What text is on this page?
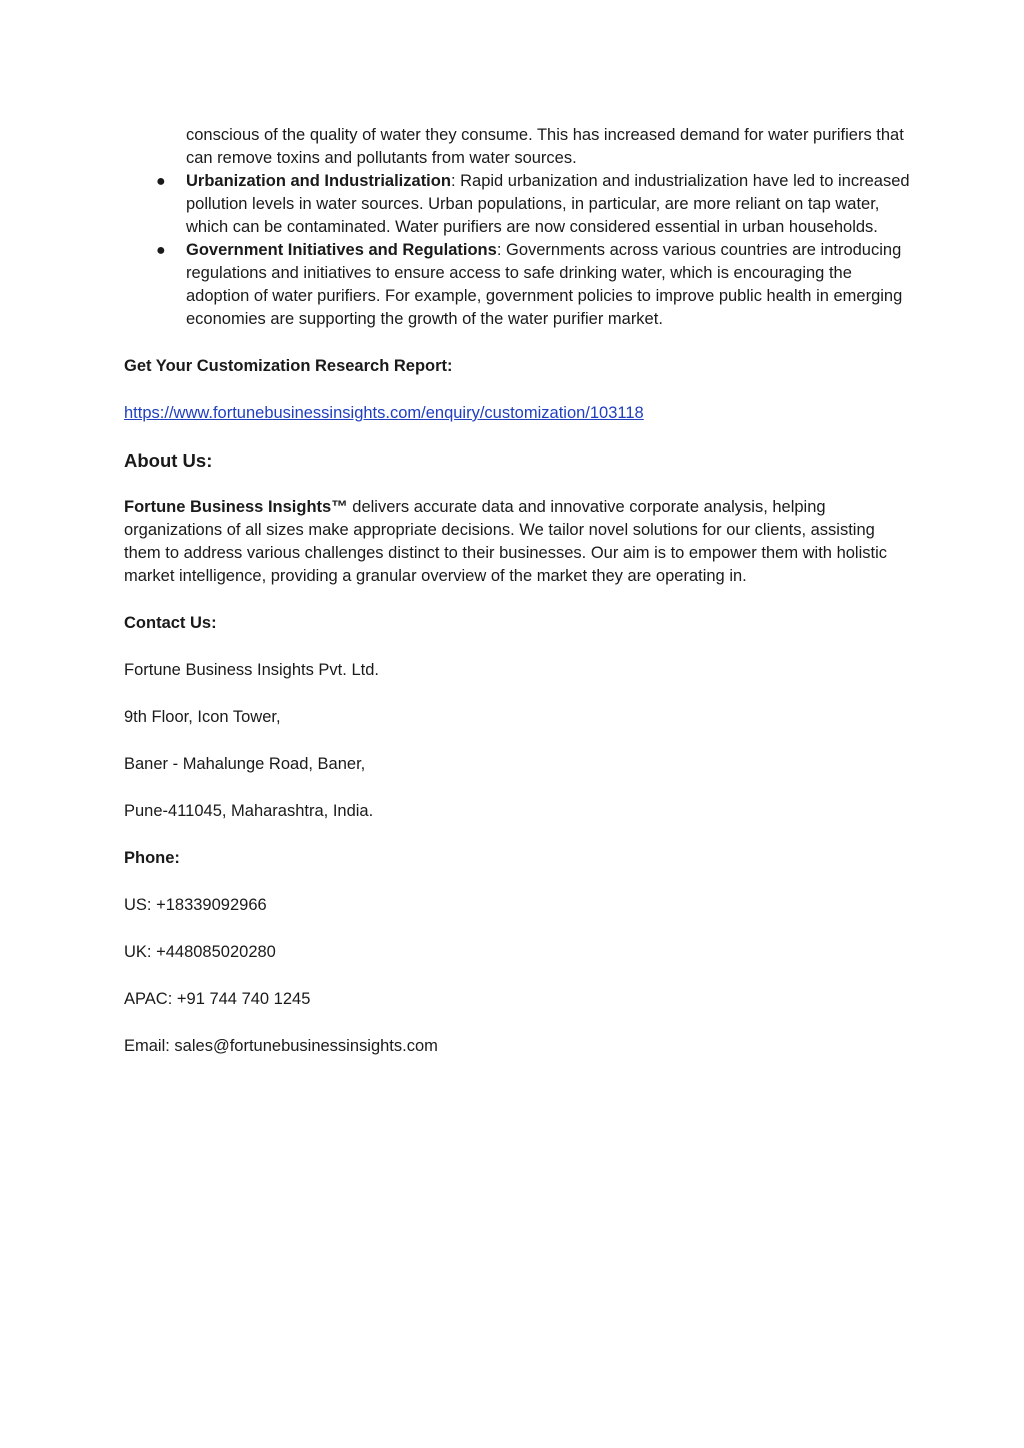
conscious of the quality of water they consume. This has increased demand for water purifiers that can remove toxins and pollutants from water sources.
● Urbanization and Industrialization: Rapid urbanization and industrialization have led to increased pollution levels in water sources. Urban populations, in particular, are more reliant on tap water, which can be contaminated. Water purifiers are now considered essential in urban households.
● Government Initiatives and Regulations: Governments across various countries are introducing regulations and initiatives to ensure access to safe drinking water, which is encouraging the adoption of water purifiers. For example, government policies to improve public health in emerging economies are supporting the growth of the water purifier market.

Get Your Customization Research Report:

https://www.fortunebusinessinsights.com/enquiry/customization/103118

About Us:

Fortune Business Insights™ delivers accurate data and innovative corporate analysis, helping organizations of all sizes make appropriate decisions. We tailor novel solutions for our clients, assisting them to address various challenges distinct to their businesses. Our aim is to empower them with holistic market intelligence, providing a granular overview of the market they are operating in.

Contact Us:

Fortune Business Insights Pvt. Ltd.

9th Floor, Icon Tower,

Baner - Mahalunge Road, Baner,

Pune-411045, Maharashtra, India.

Phone:

US: +18339092966

UK: +448085020280

APAC: +91 744 740 1245

Email: sales@fortunebusinessinsights.com
